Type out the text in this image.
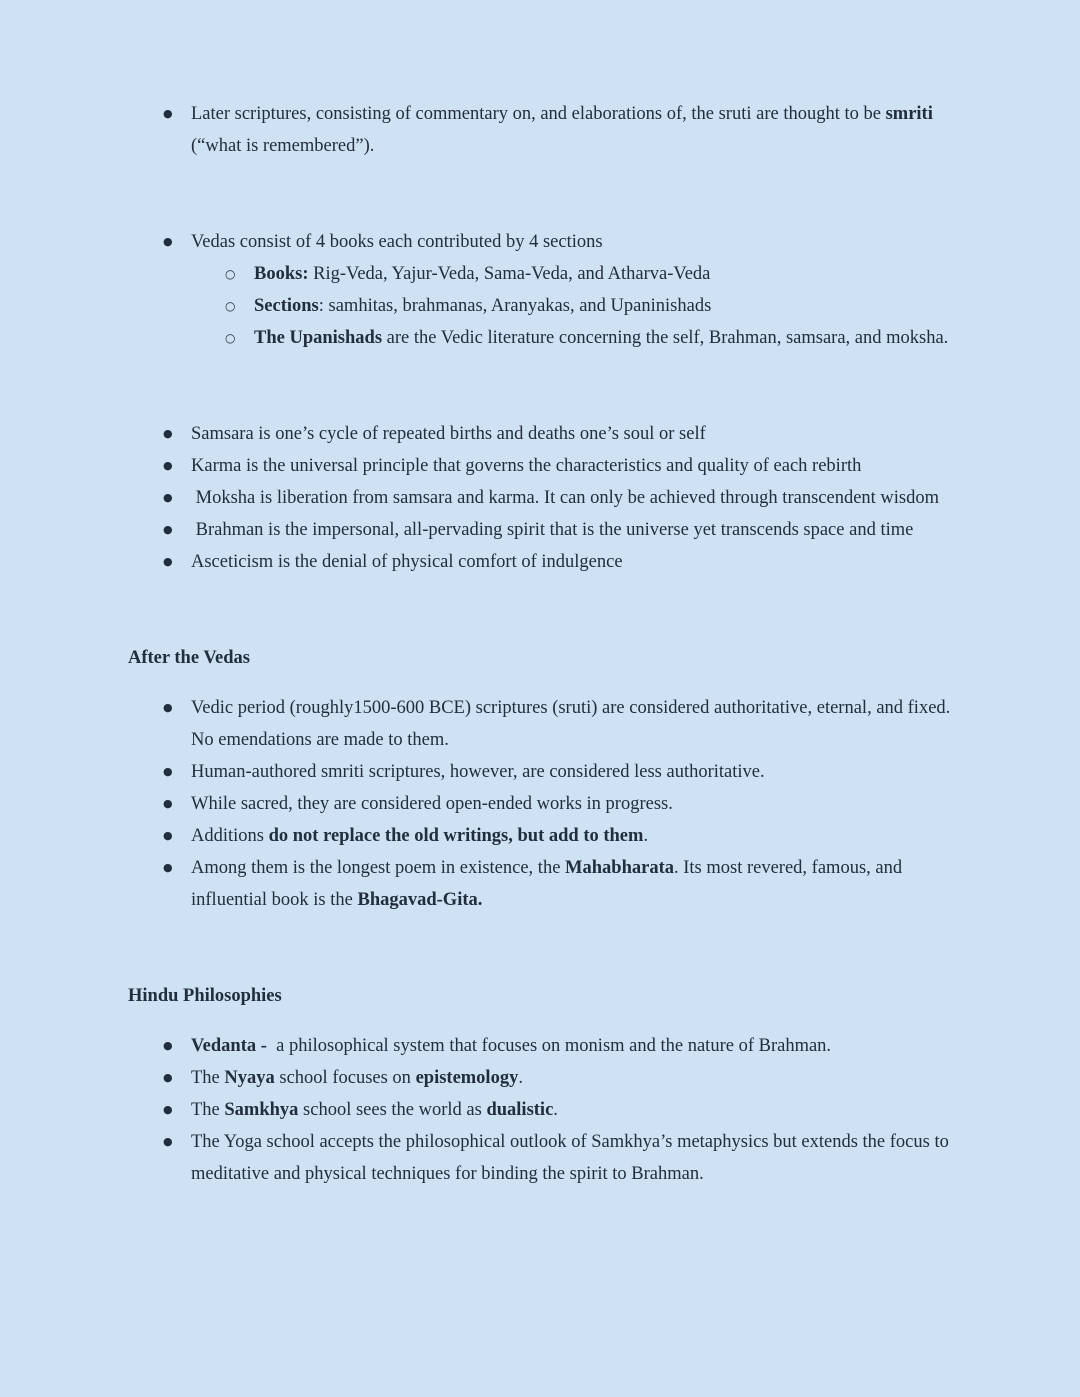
● Later scriptures, consisting of commentary on, and elaborations of, the sruti are thought to be smriti (“what is remembered”).
● Vedas consist of 4 books each contributed by 4 sections
○ Books: Rig-Veda, Yajur-Veda, Sama-Veda, and Atharva-Veda
○ Sections: samhitas, brahmanas, Aranyakas, and Upaninishads
○ The Upanishads are the Vedic literature concerning the self, Brahman, samsara, and moksha.
● Samsara is one’s cycle of repeated births and deaths one’s soul or self
● Karma is the universal principle that governs the characteristics and quality of each rebirth
● Moksha is liberation from samsara and karma. It can only be achieved through transcendent wisdom
● Brahman is the impersonal, all-pervading spirit that is the universe yet transcends space and time
● Asceticism is the denial of physical comfort of indulgence
After the Vedas
● Vedic period (roughly1500-600 BCE) scriptures (sruti) are considered authoritative, eternal, and fixed. No emendations are made to them.
● Human-authored smriti scriptures, however, are considered less authoritative.
● While sacred, they are considered open-ended works in progress.
● Additions do not replace the old writings, but add to them.
● Among them is the longest poem in existence, the Mahabharata. Its most revered, famous, and influential book is the Bhagavad-Gita.
Hindu Philosophies
● Vedanta -  a philosophical system that focuses on monism and the nature of Brahman.
● The Nyaya school focuses on epistemology.
● The Samkhya school sees the world as dualistic.
● The Yoga school accepts the philosophical outlook of Samkhya’s metaphysics but extends the focus to meditative and physical techniques for binding the spirit to Brahman.
